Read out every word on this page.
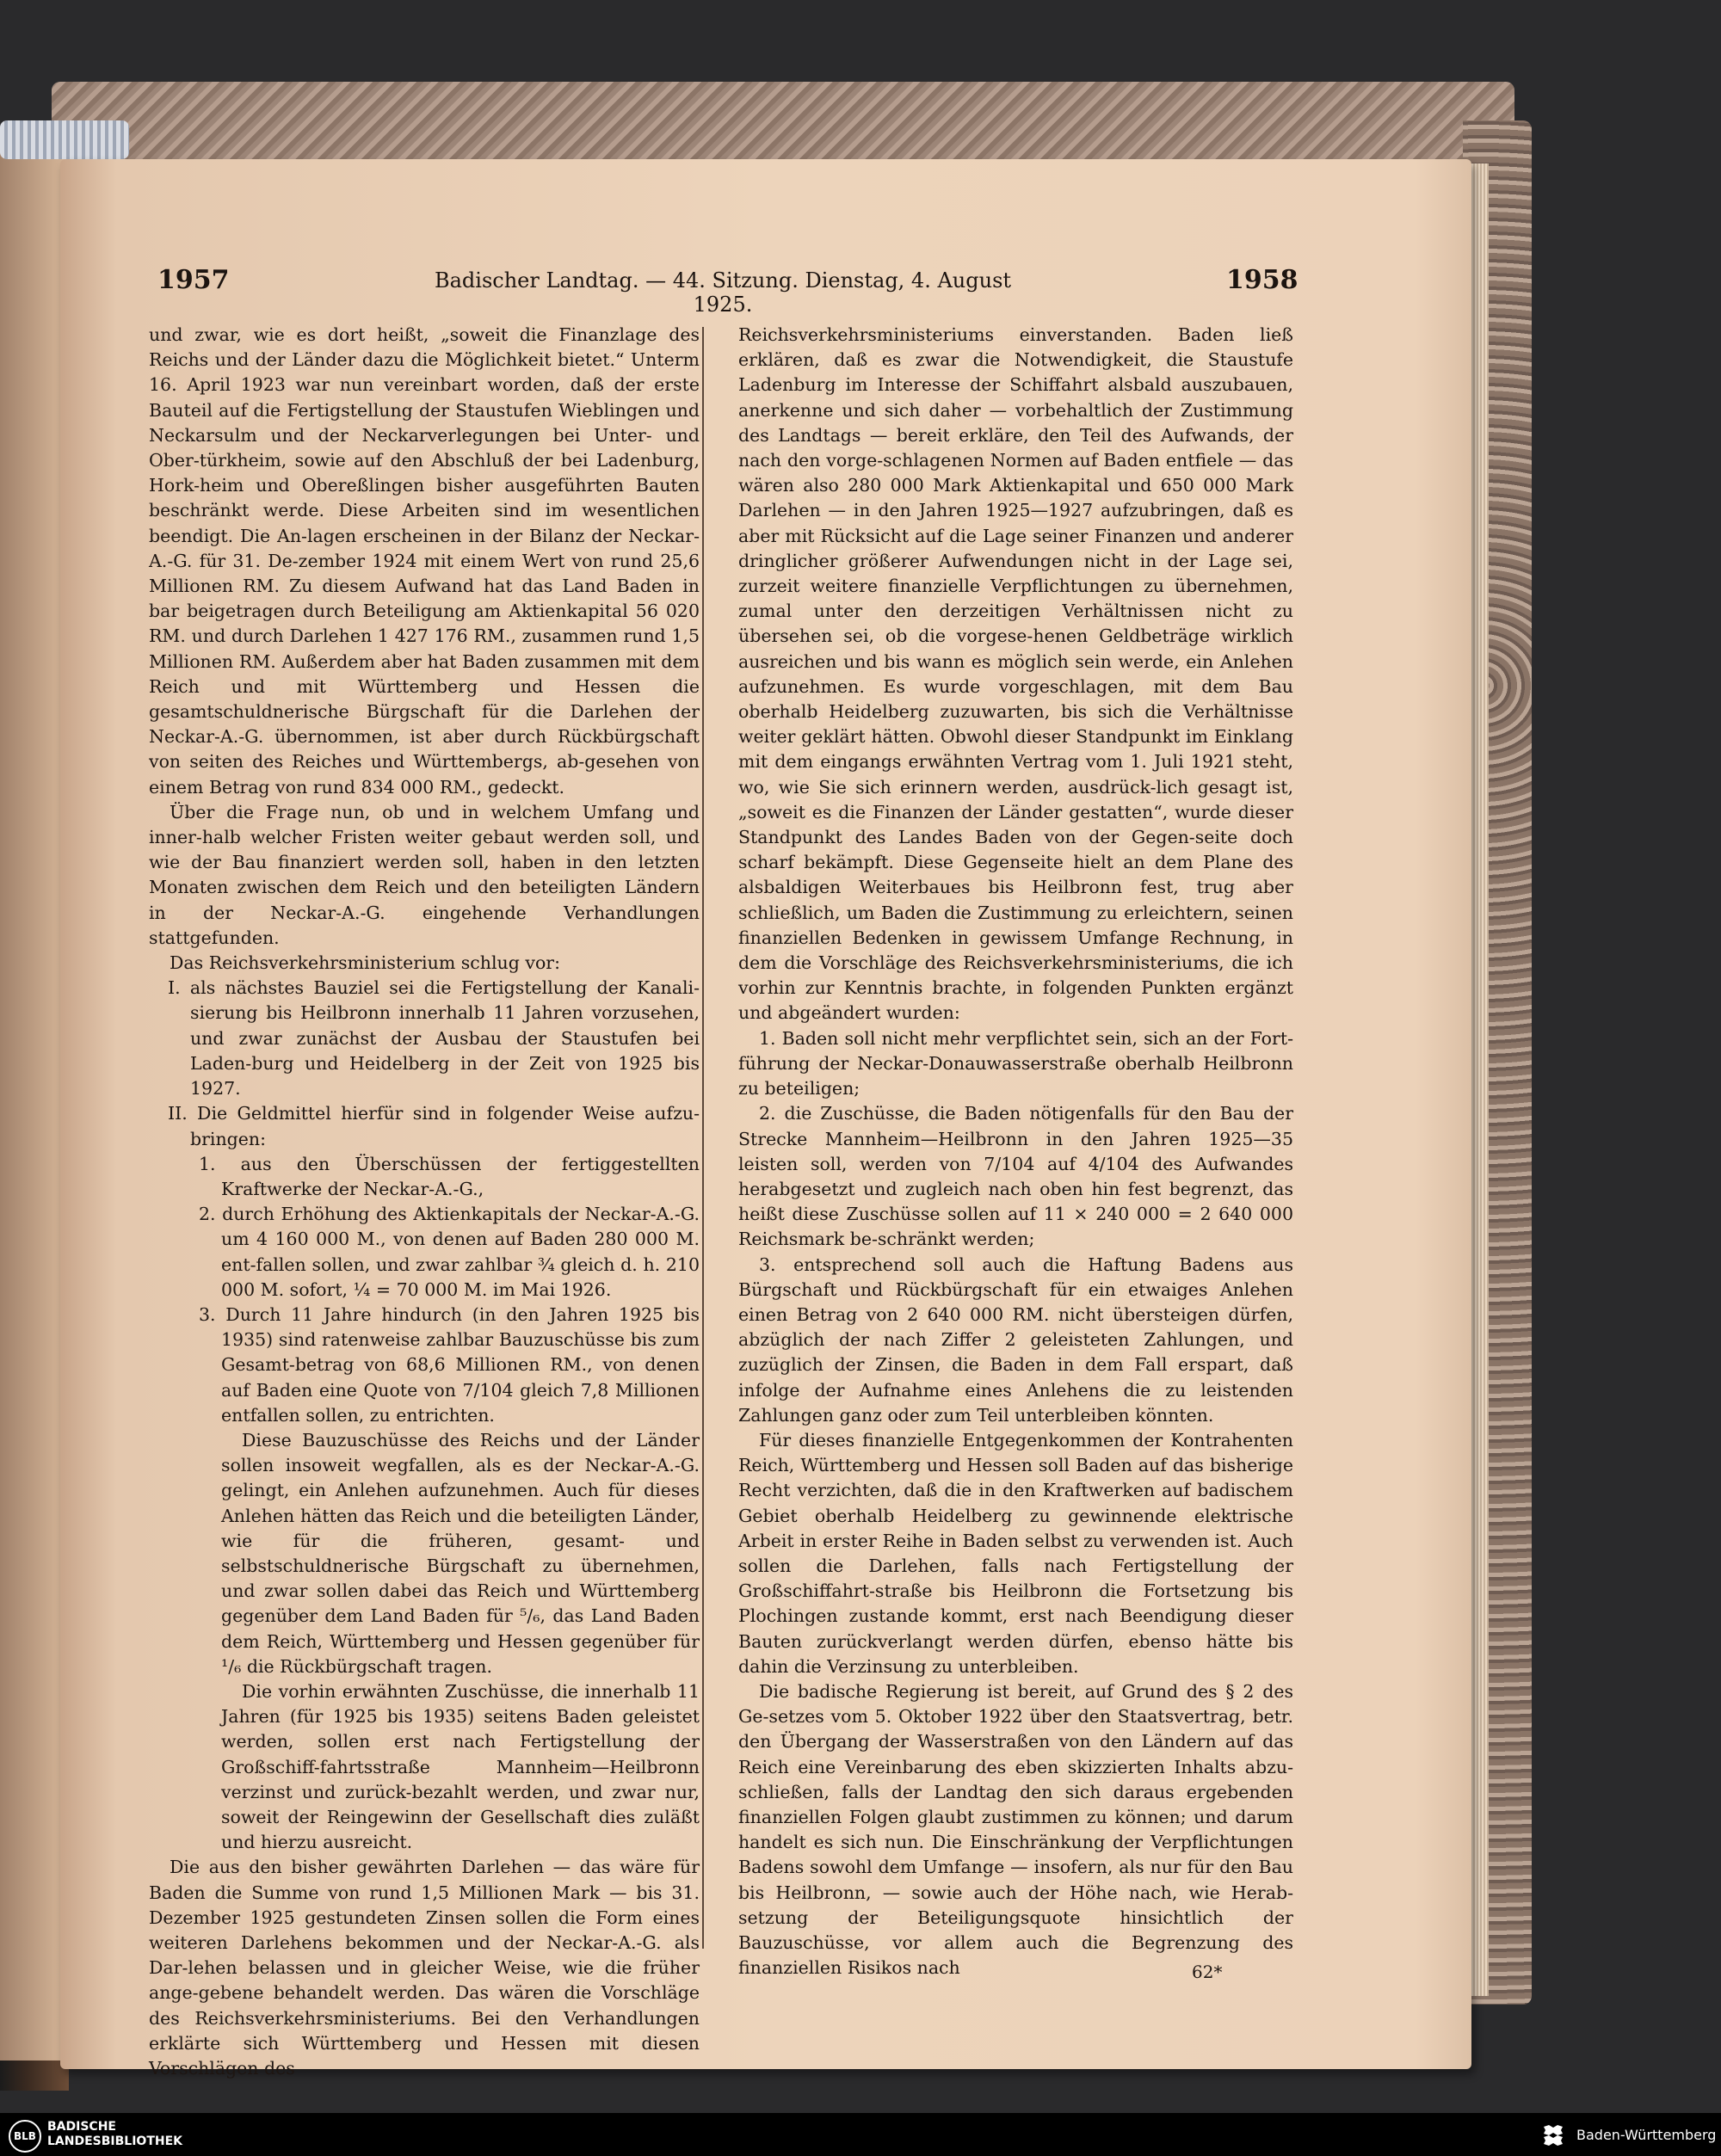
1957	Badischer Landtag. — 44. Sitzung. Dienstag, 4. August 1925.
1958

und zwar, wie es dort heißt, „soweit die Finanzlage des Reichs und der Länder dazu die Möglichkeit bietet.“ Unterm 16. April 1923 war nun vereinbart worden, daß der erste Bauteil auf die Fertigstellung der Staustufen Wieblingen und Neckarsulm und der Neckarverlegungen bei Unter- und Ober-türkheim, sowie auf den Abschluß der bei Ladenburg, Hork-heim und Obereßlingen bisher ausgeführten Bauten beschränkt werde. Diese Arbeiten sind im wesentlichen beendigt. Die An-lagen erscheinen in der Bilanz der Neckar-A.-G. für 31. De-zember 1924 mit einem Wert von rund 25,6 Millionen RM. Zu diesem Aufwand hat das Land Baden in bar beigetragen durch Beteiligung am Aktienkapital 56 020 RM. und durch Darlehen 1 427 176 RM., zusammen rund 1,5 Millionen RM. Außerdem aber hat Baden zusammen mit dem Reich und mit Württemberg und Hessen die gesamtschuldnerische Bürgschaft für die Darlehen der Neckar-A.-G. übernommen, ist aber durch Rückbürgschaft von seiten des Reiches und Württembergs, ab-gesehen von einem Betrag von rund 834 000 RM., gedeckt.

Über die Frage nun, ob und in welchem Umfang und inner-halb welcher Fristen weiter gebaut werden soll, und wie der Bau finanziert werden soll, haben in den letzten Monaten zwischen dem Reich und den beteiligten Ländern in der Neckar-A.-G. eingehende Verhandlungen stattgefunden.

Das Reichsverkehrsministerium schlug vor:

I. als nächstes Bauziel sei die Fertigstellung der Kanali-sierung bis Heilbronn innerhalb 11 Jahren vorzusehen, und zwar zunächst der Ausbau der Staustufen bei Laden-burg und Heidelberg in der Zeit von 1925 bis 1927.

II. Die Geldmittel hierfür sind in folgender Weise aufzu-bringen:

1. aus den Überschüssen der fertiggestellten Kraftwerke der Neckar-A.-G.,

2. durch Erhöhung des Aktienkapitals der Neckar-A.-G. um 4 160 000 M., von denen auf Baden 280 000 M. ent-fallen sollen, und zwar zahlbar ¾ gleich d. h. 210 000 M. sofort, ¼ = 70 000 M. im Mai 1926.

3. Durch 11 Jahre hindurch (in den Jahren 1925 bis 1935) sind ratenweise zahlbar Bauzuschüsse bis zum Gesamt-betrag von 68,6 Millionen RM., von denen auf Baden eine Quote von 7/104 gleich 7,8 Millionen entfallen sollen, zu entrichten.

Diese Bauzuschüsse des Reichs und der Länder sollen insoweit wegfallen, als es der Neckar-A.-G. gelingt, ein Anlehen aufzunehmen. Auch für dieses Anlehen hätten das Reich und die beteiligten Länder, wie für die früheren, gesamt- und selbstschuldnerische Bürgschaft zu übernehmen, und zwar sollen dabei das Reich und Württemberg gegenüber dem Land Baden für ⁵/₆, das Land Baden dem Reich, Württemberg und Hessen gegenüber für ¹/₆ die Rückbürgschaft tragen.

Die vorhin erwähnten Zuschüsse, die innerhalb 11 Jahren (für 1925 bis 1935) seitens Baden geleistet werden, sollen erst nach Fertigstellung der Großschiff-fahrtsstraße Mannheim—Heilbronn verzinst und zurück-bezahlt werden, und zwar nur, soweit der Reingewinn der Gesellschaft dies zuläßt und hierzu ausreicht.

Die aus den bisher gewährten Darlehen — das wäre für Baden die Summe von rund 1,5 Millionen Mark — bis 31. Dezember 1925 gestundeten Zinsen sollen die Form eines weiteren Darlehens bekommen und der Neckar-A.-G. als Dar-lehen belassen und in gleicher Weise, wie die früher ange-gebene behandelt werden. Das wären die Vorschläge des Reichsverkehrsministeriums. Bei den Verhandlungen erklärte sich Württemberg und Hessen mit diesen Vorschlägen des

Reichsverkehrsministeriums einverstanden. Baden ließ erklären, daß es zwar die Notwendigkeit, die Staustufe Ladenburg im Interesse der Schiffahrt alsbald auszubauen, anerkenne und sich daher — vorbehaltlich der Zustimmung des Landtags — bereit erkläre, den Teil des Aufwands, der nach den vorge-schlagenen Normen auf Baden entfiele — das wären also 280 000 Mark Aktienkapital und 650 000 Mark Darlehen — in den Jahren 1925—1927 aufzubringen, daß es aber mit Rücksicht auf die Lage seiner Finanzen und anderer dringlicher größerer Aufwendungen nicht in der Lage sei, zurzeit weitere finanzielle Verpflichtungen zu übernehmen, zumal unter den derzeitigen Verhältnissen nicht zu übersehen sei, ob die vorgese-henen Geldbeträge wirklich ausreichen und bis wann es möglich sein werde, ein Anlehen aufzunehmen. Es wurde vorgeschlagen, mit dem Bau oberhalb Heidelberg zuzuwarten, bis sich die Verhältnisse weiter geklärt hätten. Obwohl dieser Standpunkt im Einklang mit dem eingangs erwähnten Vertrag vom 1. Juli 1921 steht, wo, wie Sie sich erinnern werden, ausdrück-lich gesagt ist, „soweit es die Finanzen der Länder gestatten“, wurde dieser Standpunkt des Landes Baden von der Gegen-seite doch scharf bekämpft. Diese Gegenseite hielt an dem Plane des alsbaldigen Weiterbaues bis Heilbronn fest, trug aber schließlich, um Baden die Zustimmung zu erleichtern, seinen finanziellen Bedenken in gewissem Umfange Rechnung, in dem die Vorschläge des Reichsverkehrsministeriums, die ich vorhin zur Kenntnis brachte, in folgenden Punkten ergänzt und abgeändert wurden:

1. Baden soll nicht mehr verpflichtet sein, sich an der Fort-führung der Neckar-Donauwasserstraße oberhalb Heilbronn zu beteiligen;

2. die Zuschüsse, die Baden nötigenfalls für den Bau der Strecke Mannheim—Heilbronn in den Jahren 1925—35 leisten soll, werden von 7/104 auf 4/104 des Aufwandes herabgesetzt und zugleich nach oben hin fest begrenzt, das heißt diese Zuschüsse sollen auf 11 × 240 000 = 2 640 000 Reichsmark be-schränkt werden;

3. entsprechend soll auch die Haftung Badens aus Bürgschaft und Rückbürgschaft für ein etwaiges Anlehen einen Betrag von 2 640 000 RM. nicht übersteigen dürfen, abzüglich der nach Ziffer 2 geleisteten Zahlungen, und zuzüglich der Zinsen, die Baden in dem Fall erspart, daß infolge der Aufnahme eines Anlehens die zu leistenden Zahlungen ganz oder zum Teil unterbleiben könnten.

Für dieses finanzielle Entgegenkommen der Kontrahenten Reich, Württemberg und Hessen soll Baden auf das bisherige Recht verzichten, daß die in den Kraftwerken auf badischem Gebiet oberhalb Heidelberg zu gewinnende elektrische Arbeit in erster Reihe in Baden selbst zu verwenden ist. Auch sollen die Darlehen, falls nach Fertigstellung der Großschiffahrt-straße bis Heilbronn die Fortsetzung bis Plochingen zustande kommt, erst nach Beendigung dieser Bauten zurückverlangt werden dürfen, ebenso hätte bis dahin die Verzinsung zu unterbleiben.

Die badische Regierung ist bereit, auf Grund des § 2 des Ge-setzes vom 5. Oktober 1922 über den Staatsvertrag, betr. den Übergang der Wasserstraßen von den Ländern auf das Reich eine Vereinbarung des eben skizzierten Inhalts abzu-schließen, falls der Landtag den sich daraus ergebenden finanziellen Folgen glaubt zustimmen zu können; und darum handelt es sich nun. Die Einschränkung der Verpflichtungen Badens sowohl dem Umfange — insofern, als nur für den Bau bis Heilbronn, — sowie auch der Höhe nach, wie Herab-setzung der Beteiligungsquote hinsichtlich der Bauzuschüsse, vor allem auch die Begrenzung des finanziellen Risikos nach	62*
BLB
BADISCHE
LANDESBIBLIOTHEK	Baden-Württemberg
